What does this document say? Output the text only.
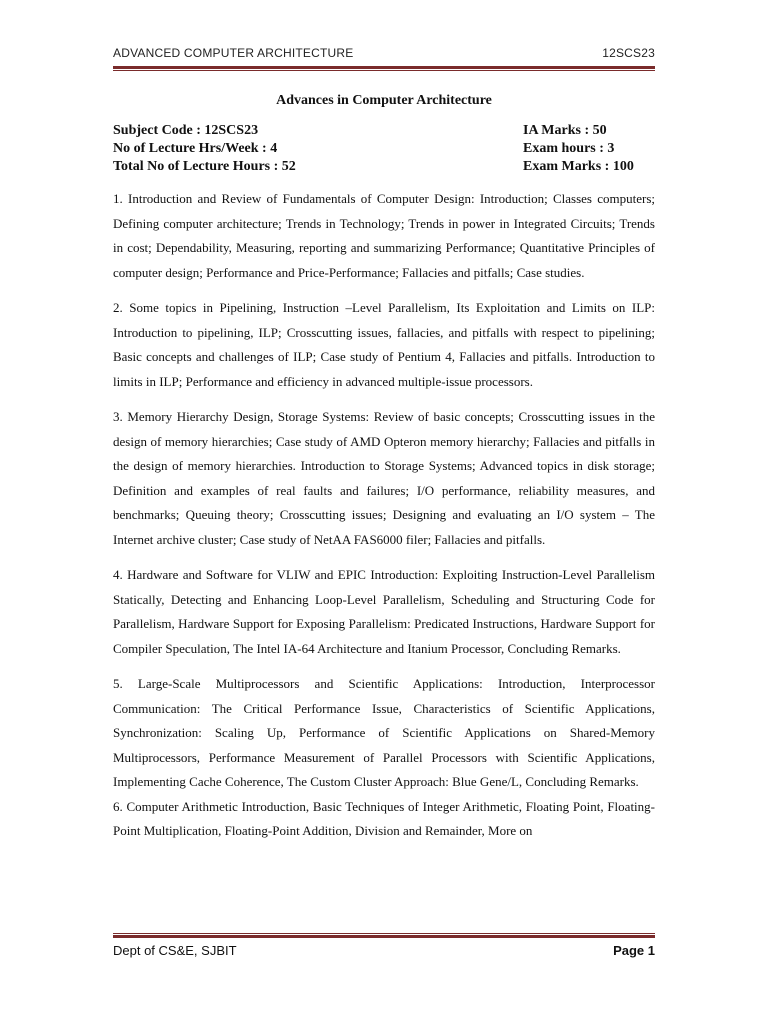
ADVANCED COMPUTER ARCHITECTURE	12SCS23
Advances in Computer Architecture
Subject Code : 12SCS23
No of Lecture Hrs/Week : 4
Total No of Lecture Hours : 52
IA Marks : 50
Exam hours : 3
Exam Marks : 100

1. Introduction and Review of Fundamentals of Computer Design: Introduction; Classes computers; Defining computer architecture; Trends in Technology; Trends in power in Integrated Circuits; Trends in cost; Dependability, Measuring, reporting and summarizing Performance; Quantitative Principles of computer design; Performance and Price-Performance; Fallacies and pitfalls; Case studies.

2. Some topics in Pipelining, Instruction –Level Parallelism, Its Exploitation and Limits on ILP: Introduction to pipelining, ILP; Crosscutting issues, fallacies, and pitfalls with respect to pipelining; Basic concepts and challenges of ILP; Case study of Pentium 4, Fallacies and pitfalls. Introduction to limits in ILP; Performance and efficiency in advanced multiple-issue processors.

3. Memory Hierarchy Design, Storage Systems: Review of basic concepts; Crosscutting issues in the design of memory hierarchies; Case study of AMD Opteron memory hierarchy; Fallacies and pitfalls in the design of memory hierarchies. Introduction to Storage Systems; Advanced topics in disk storage; Definition and examples of real faults and failures; I/O performance, reliability measures, and benchmarks; Queuing theory; Crosscutting issues; Designing and evaluating an I/O system – The Internet archive cluster; Case study of NetAA FAS6000 filer; Fallacies and pitfalls.

4. Hardware and Software for VLIW and EPIC Introduction: Exploiting Instruction-Level Parallelism Statically, Detecting and Enhancing Loop-Level Parallelism, Scheduling and Structuring Code for Parallelism, Hardware Support for Exposing Parallelism: Predicated Instructions, Hardware Support for Compiler Speculation, The Intel IA-64 Architecture and Itanium Processor, Concluding Remarks.

5. Large-Scale Multiprocessors and Scientific Applications: Introduction, Interprocessor Communication: The Critical Performance Issue, Characteristics of Scientific Applications, Synchronization: Scaling Up, Performance of Scientific Applications on Shared-Memory Multiprocessors, Performance Measurement of Parallel Processors with Scientific Applications, Implementing Cache Coherence, The Custom Cluster Approach: Blue Gene/L, Concluding Remarks.

6. Computer Arithmetic Introduction, Basic Techniques of Integer Arithmetic, Floating Point, Floating-Point Multiplication, Floating-Point Addition, Division and Remainder, More on

Dept of CS&E, SJBIT	Page 1
